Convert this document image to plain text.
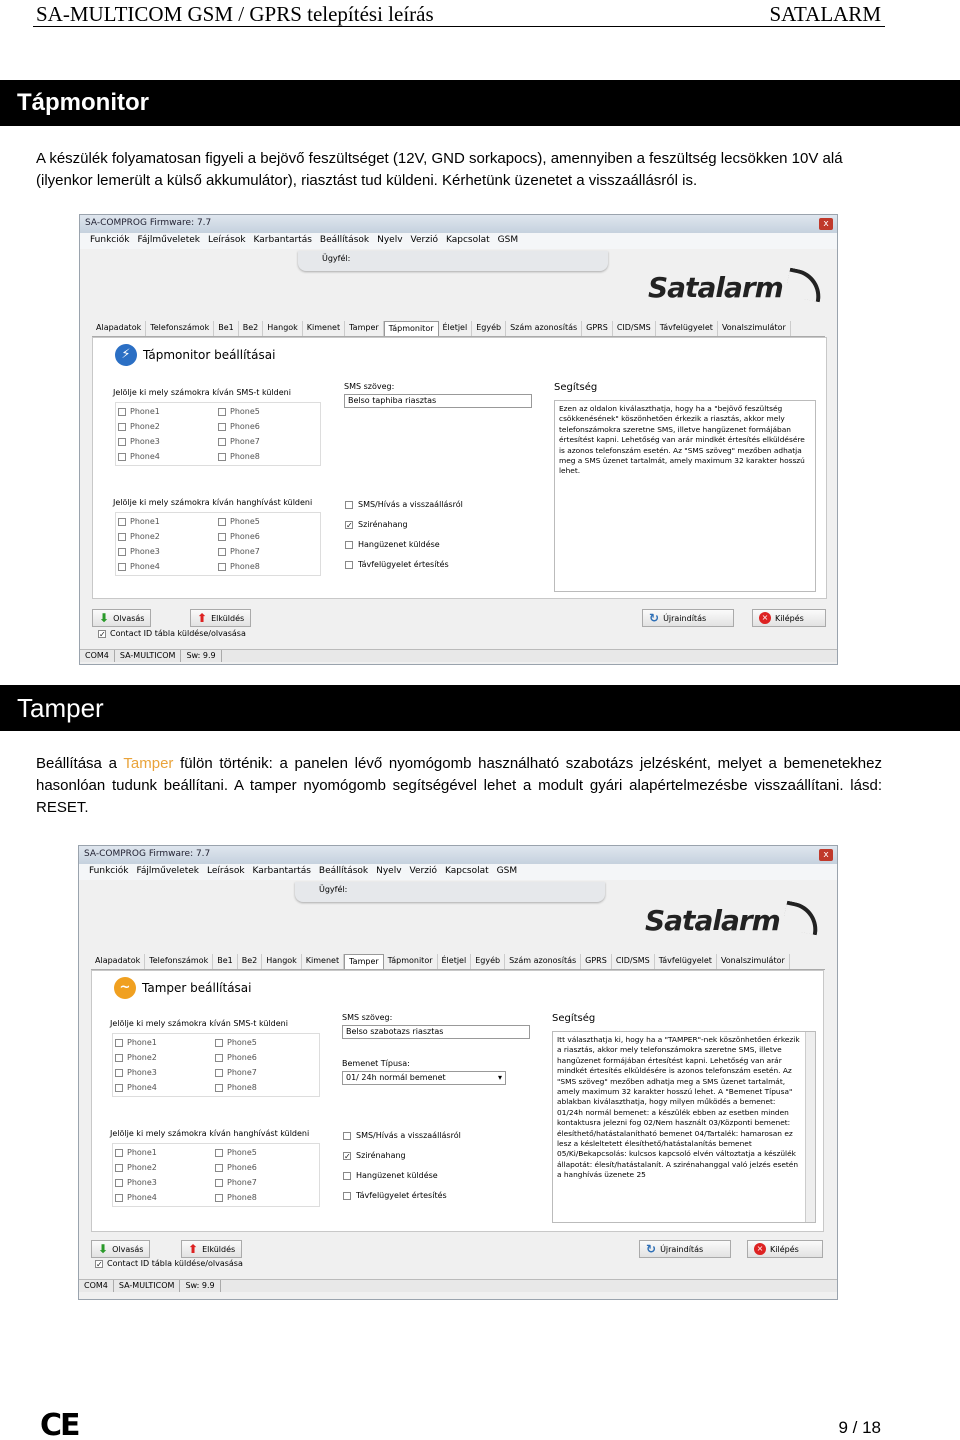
SA-MULTICOM GSM / GPRS telepítési leírás	SATALARM
Tápmonitor
A készülék folyamatosan figyeli a bejövő feszültséget (12V, GND sorkapocs), amennyiben a feszültség lecsökken 10V alá (ilyenkor lemerült a külső akkumulátor), riasztást tud küldeni. Kérhetünk üzenetet a visszaállásról is.
SA-COMPROG Firmware: 7.7	x
Funkciók Fájlműveletek Leírások Karbantartás Beállítások Nyelv Verzió Kapcsolat GSM
Ügyfél:
Satalarm
Alapadatok	Telefonszámok	Be1	Be2	Hangok	Kimenet	Tamper	Tápmonitor	Életjel	Egyéb	Szám azonosítás	GPRS	CID/SMS	Távfelügyelet	Vonalszimulátor
⚡	Tápmonitor beállításai
Jelölje ki mely számokra kíván SMS-t küldeni
Phone1	Phone5
Phone2	Phone6
Phone3	Phone7
Phone4	Phone8
Jelölje ki mely számokra kíván hanghívást küldeni
Phone1	Phone5
Phone2	Phone6
Phone3	Phone7
Phone4	Phone8
SMS szöveg:
Belso taphiba riasztas
SMS/Hívás a visszaállásról
✓ Szirénahang
Hangüzenet küldése
Távfelügyelet értesítés
Segítség
Ezen az oldalon kiválaszthatja, hogy ha a "bejövő feszültség csökkenésének" köszönhetően érkezik a riasztás, akkor mely telefonszámokra szeretne SMS, illetve hangüzenet formájában értesítést kapni. Lehetőség van arár mindkét értesítés elküldésére is azonos telefonszám esetén. Az "SMS szöveg" mezőben adhatja meg a SMS üzenet tartalmát, amely maximum 32 karakter hosszú lehet.
⬇ Olvasás	⬆ Elküldés	↻ Újraindítás	× Kilépés
✓ Contact ID tábla küldése/olvasása
COM4	SA-MULTICOM	Sw: 9.9
Tamper
Beállítása a Tamper fülön történik: a panelen lévő nyomógomb használható szabotázs jelzésként, melyet a bemenetekhez hasonlóan tudunk beállítani. A tamper nyomógomb segítségével lehet a modult gyári alapértelmezésbe visszaállítani. lásd: RESET.
SA-COMPROG Firmware: 7.7	x
Funkciók Fájlműveletek Leírások Karbantartás Beállítások Nyelv Verzió Kapcsolat GSM
Ügyfél:
Satalarm
Alapadatok	Telefonszámok	Be1	Be2	Hangok	Kimenet	Tamper	Tápmonitor	Életjel	Egyéb	Szám azonosítás	GPRS	CID/SMS	Távfelügyelet	Vonalszimulátor
~ Tamper beállításai
Jelölje ki mely számokra kíván SMS-t küldeni
Phone1	Phone5
Phone2	Phone6
Phone3	Phone7
Phone4	Phone8
Jelölje ki mely számokra kíván hanghívást küldeni
Phone1	Phone5
Phone2	Phone6
Phone3	Phone7
Phone4	Phone8
SMS szöveg:
Belso szabotazs riasztas
Bemenet Típusa:
01/ 24h normál bemenet	▾
SMS/Hívás a visszaállásról
✓ Szirénahang
Hangüzenet küldése
Távfelügyelet értesítés
Segítség
Itt választhatja ki, hogy ha a "TAMPER"-nek köszönhetően érkezik a riasztás, akkor mely telefonszámokra szeretne SMS, illetve hangüzenet formájában értesítést kapni. Lehetőség van arár mindkét értesítés elküldésére is azonos telefonszám esetén. Az "SMS szöveg" mezőben adhatja meg a SMS üzenet tartalmát, amely maximum 32 karakter hosszú lehet. A "Bemenet Típusa" ablakban kiválaszthatja, hogy milyen működés a bemenet: 01/24h normál bemenet: a készülék ebben az esetben minden kontaktusra jelezni fog 02/Nem használt 03/Központi bemenet: élesíthető/hatástalanítható bemenet 04/Tartalék: hamarosan ez lesz a késleltetett élesíthető/hatástalanítás bemenet 05/Ki/Bekapcsolás: kulcsos kapcsoló elvén változtatja a készülék állapotát: élesít/hatástalanít. A szirénahanggal való jelzés esetén a hanghívás üzenete 25
⬇ Olvasás	⬆ Elküldés	↻ Újraindítás	× Kilépés
✓ Contact ID tábla küldése/olvasása
COM4	SA-MULTICOM	Sw: 9.9
CE	9 / 18
